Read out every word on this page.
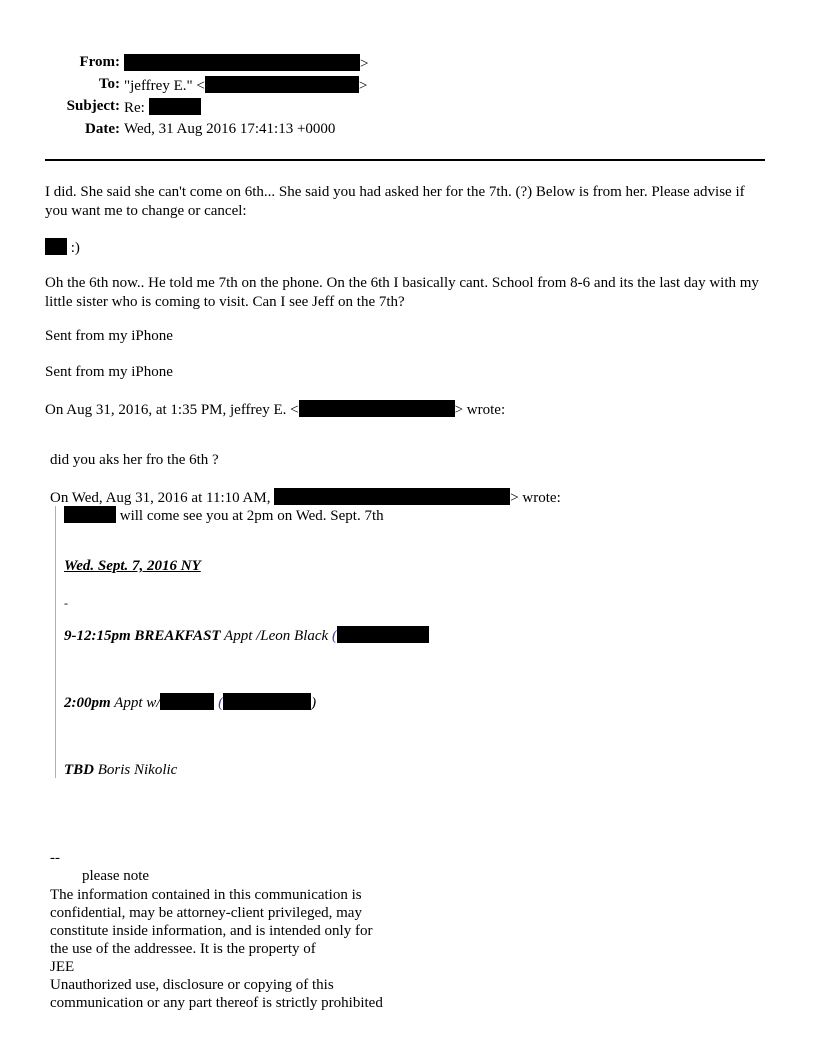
From:	>
To: "jeffrey E." <	>
Subject: Re:
Date: Wed, 31 Aug 2016 17:41:13 +0000
I did. She said she can't come on 6th... She said you had asked her for the 7th. (?) Below is from her. Please advise if you want me to change or cancel:
:)
Oh the 6th now.. He told me 7th on the phone. On the 6th I basically cant. School from 8-6 and its the last day with my little sister who is coming to visit. Can I see Jeff on the 7th?
Sent from my iPhone
Sent from my iPhone
On Aug 31, 2016, at 1:35 PM, jeffrey E. <	> wrote:
did you aks her fro the 6th ?
On Wed, Aug 31, 2016 at 11:10 AM,	> wrote:
will come see you at 2pm on Wed. Sept. 7th
Wed. Sept. 7, 2016 NY
-
9-12:15pm BREAKFAST Appt /Leon Black (
2:00pm Appt w/	(	)
TBD Boris Nikolic
--
please note
The information contained in this communication is
confidential, may be attorney-client privileged, may
constitute inside information, and is intended only for
the use of the addressee. It is the property of
JEE
Unauthorized use, disclosure or copying of this
communication or any part thereof is strictly prohibited
